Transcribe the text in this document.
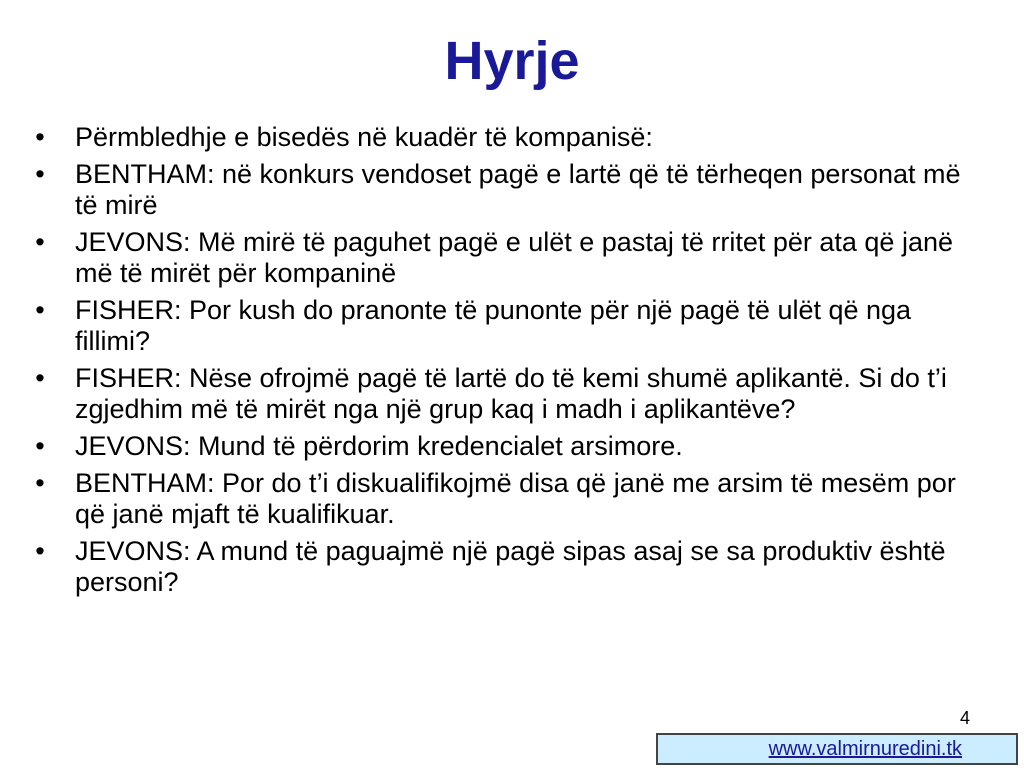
Hyrje
• Përmbledhje e bisedës në kuadër të kompanisë:
• BENTHAM: në konkurs vendoset pagë e lartë që të tërheqen personat më të mirë
• JEVONS: Më mirë të paguhet pagë e ulët e pastaj të rritet për ata që janë më të mirët për kompaninë
• FISHER: Por kush do pranonte të punonte për një pagë të ulët që nga fillimi?
• FISHER: Nëse ofrojmë pagë të lartë do të kemi shumë aplikantë. Si do t’i zgjedhim më të mirët nga një grup kaq i madh i aplikantëve?
• JEVONS: Mund të përdorim kredencialet arsimore.
• BENTHAM: Por do t’i diskualifikojmë disa që janë me arsim të mesëm por që janë mjaft të kualifikuar.
• JEVONS: A mund të paguajmë një pagë sipas asaj se sa produktiv është personi?
4
www.valmirnuredini.tk
